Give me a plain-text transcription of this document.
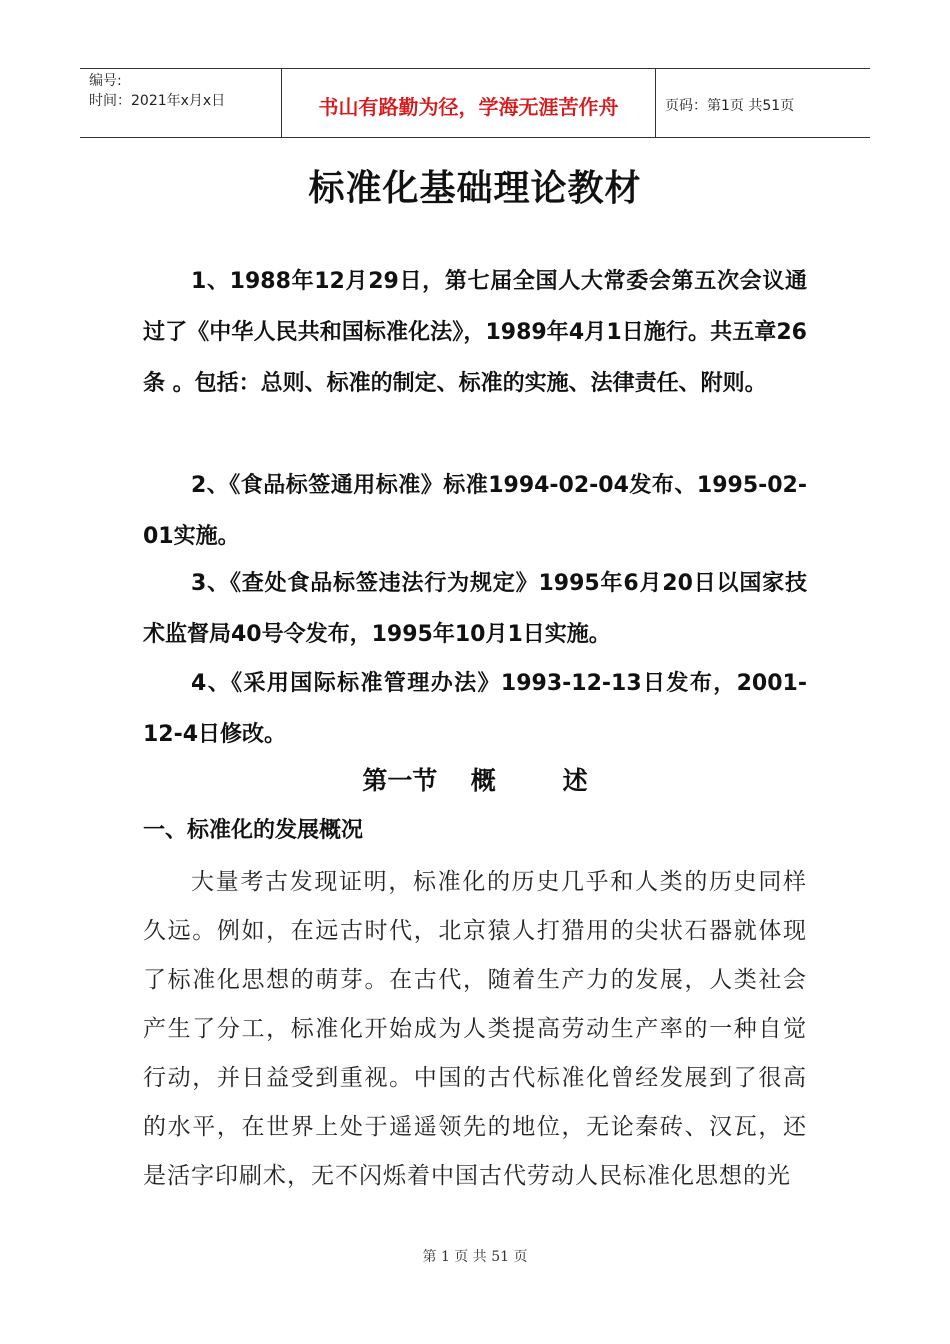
编号:
时间：2021年x月x日	书山有路勤为径，学海无涯苦作舟	页码：第1页 共51页
标准化基础理论教材

1、1988年12月29日，第七届全国人大常委会第五次会议通过了《中华人民共和国标准化法》，1989年4月1日施行。共五章26条 。包括：总则、标准的制定、标准的实施、法律责任、附则。

2、《食品标签通用标准》标准1994-02-04发布、1995-02-01实施。

3、《查处食品标签违法行为规定》1995年6月20日以国家技术监督局40号令发布，1995年10月1日实施。

4、《采用国际标准管理办法》1993-12-13日发布，2001-12-4日修改。

第一节  概    述
一、标准化的发展概况

大量考古发现证明，标准化的历史几乎和人类的历史同样久远。例如，在远古时代，北京猿人打猎用的尖状石器就体现了标准化思想的萌芽。在古代，随着生产力的发展，人类社会产生了分工，标准化开始成为人类提高劳动生产率的一种自觉行动，并日益受到重视。中国的古代标准化曾经发展到了很高的水平，在世界上处于遥遥领先的地位，无论秦砖、汉瓦，还是活字印刷术，无不闪烁着中国古代劳动人民标准化思想的光

第 1 页 共 51 页
